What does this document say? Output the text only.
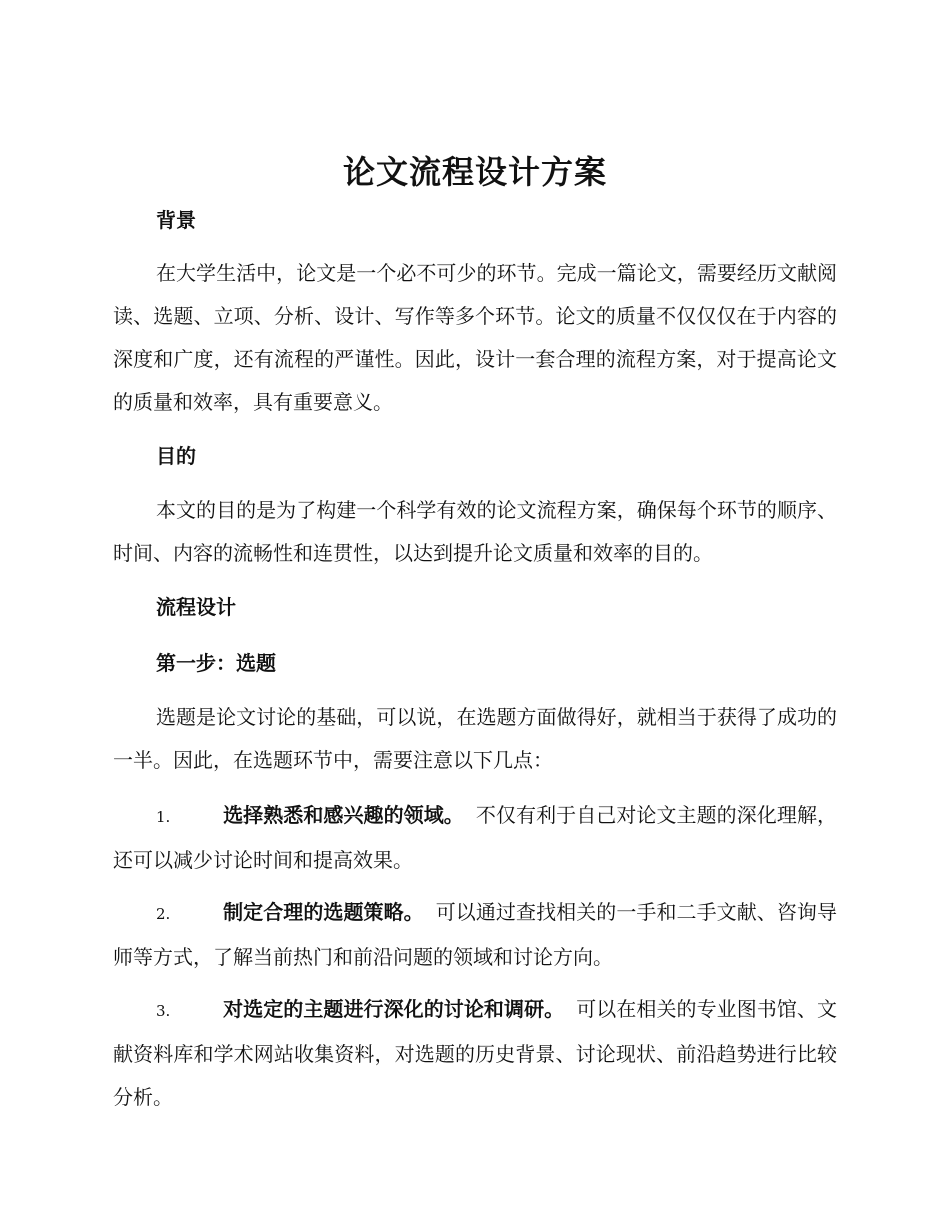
论文流程设计方案
背景

在大学生活中，论文是一个必不可少的环节。完成一篇论文，需要经历文献阅读、选题、立项、分析、设计、写作等多个环节。论文的质量不仅仅仅在于内容的深度和广度，还有流程的严谨性。因此，设计一套合理的流程方案，对于提高论文的质量和效率，具有重要意义。

目的

本文的目的是为了构建一个科学有效的论文流程方案，确保每个环节的顺序、时间、内容的流畅性和连贯性，以达到提升论文质量和效率的目的。

流程设计
第一步：选题

选题是论文讨论的基础，可以说，在选题方面做得好，就相当于获得了成功的一半。因此，在选题环节中，需要注意以下几点：

1.	选择熟悉和感兴趣的领域。 不仅有利于自己对论文主题的深化理解，还可以减少讨论时间和提高效果。

2.	制定合理的选题策略。 可以通过查找相关的一手和二手文献、咨询导师等方式，了解当前热门和前沿问题的领域和讨论方向。

3.	对选定的主题进行深化的讨论和调研。 可以在相关的专业图书馆、文献资料库和学术网站收集资料，对选题的历史背景、讨论现状、前沿趋势进行比较分析。
